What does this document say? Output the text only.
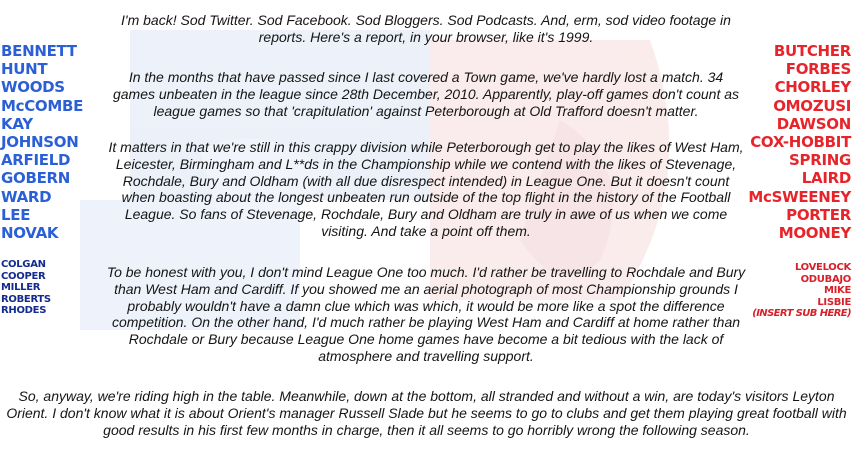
BENNETT
HUNT
WOODS
McCOMBE
KAY
JOHNSON
ARFIELD
GOBERN
WARD
LEE
NOVAK
COLGAN
COOPER
MILLER
ROBERTS
RHODES
BUTCHER
FORBES
CHORLEY
OMOZUSI
DAWSON
COX-HOBBIT
SPRING
LAIRD
McSWEENEY
PORTER
MOONEY
LOVELOCK
ODUBAJO
MIKE
LISBIE
(INSERT SUB HERE)

I'm back! Sod Twitter. Sod Facebook. Sod Bloggers. Sod Podcasts. And, erm, sod video footage in reports. Here's a report, in your browser, like it's 1999.

In the months that have passed since I last covered a Town game, we've hardly lost a match. 34 games unbeaten in the league since 28th December, 2010. Apparently, play-off games don't count as league games so that 'crapitulation' against Peterborough at Old Trafford doesn't matter.

It matters in that we're still in this crappy division while Peterborough get to play the likes of West Ham, Leicester, Birmingham and L**ds in the Championship while we contend with the likes of Stevenage, Rochdale, Bury and Oldham (with all due disrespect intended) in League One. But it doesn't count when boasting about the longest unbeaten run outside of the top flight in the history of the Football League. So fans of Stevenage, Rochdale, Bury and Oldham are truly in awe of us when we come visiting. And take a point off them.

To be honest with you, I don't mind League One too much. I'd rather be travelling to Rochdale and Bury than West Ham and Cardiff. If you showed me an aerial photograph of most Championship grounds I probably wouldn't have a damn clue which was which, it would be more like a spot the difference competition. On the other hand, I'd much rather be playing West Ham and Cardiff at home rather than Rochdale or Bury because League One home games have become a bit tedious with the lack of atmosphere and travelling support.

So, anyway, we're riding high in the table. Meanwhile, down at the bottom, all stranded and without a win, are today's visitors Leyton Orient. I don't know what it is about Orient's manager Russell Slade but he seems to go to clubs and get them playing great football with good results in his first few months in charge, then it all seems to go horribly wrong the following season.
